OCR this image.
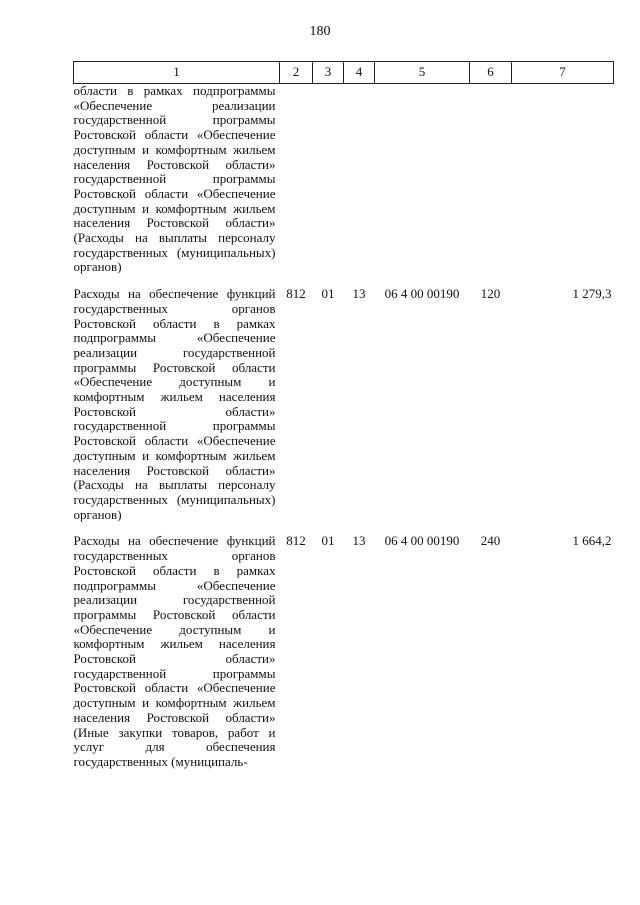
180
1	2	3	4	5	6	7
области в рамках подпрограммы «Обеспечение реализации государственной программы Ростовской области «Обеспечение доступным и комфортным жильем населения Ростовской области» государственной программы Ростовской области «Обеспечение доступным и комфортным жильем населения Ростовской области» (Расходы на выплаты персоналу государственных (муниципальных) органов)						
Расходы на обеспечение функций государственных органов Ростовской области в рамках подпрограммы «Обеспечение реализации государственной программы Ростовской области «Обеспечение доступным и комфортным жильем населения Ростовской области» государственной программы Ростовской области «Обеспечение доступным и комфортным жильем населения Ростовской области» (Расходы на выплаты персоналу государственных (муниципальных) органов)	812	01	13	06 4 00 00190	120	1 279,3
Расходы на обеспечение функций государственных органов Ростовской области в рамках подпрограммы «Обеспечение реализации государственной программы Ростовской области «Обеспечение доступным и комфортным жильем населения Ростовской области» государственной программы Ростовской области «Обеспечение доступным и комфортным жильем населения Ростовской области» (Иные закупки товаров, работ и услуг для обеспечения государственных (муниципаль-	812	01	13	06 4 00 00190	240	1 664,2
